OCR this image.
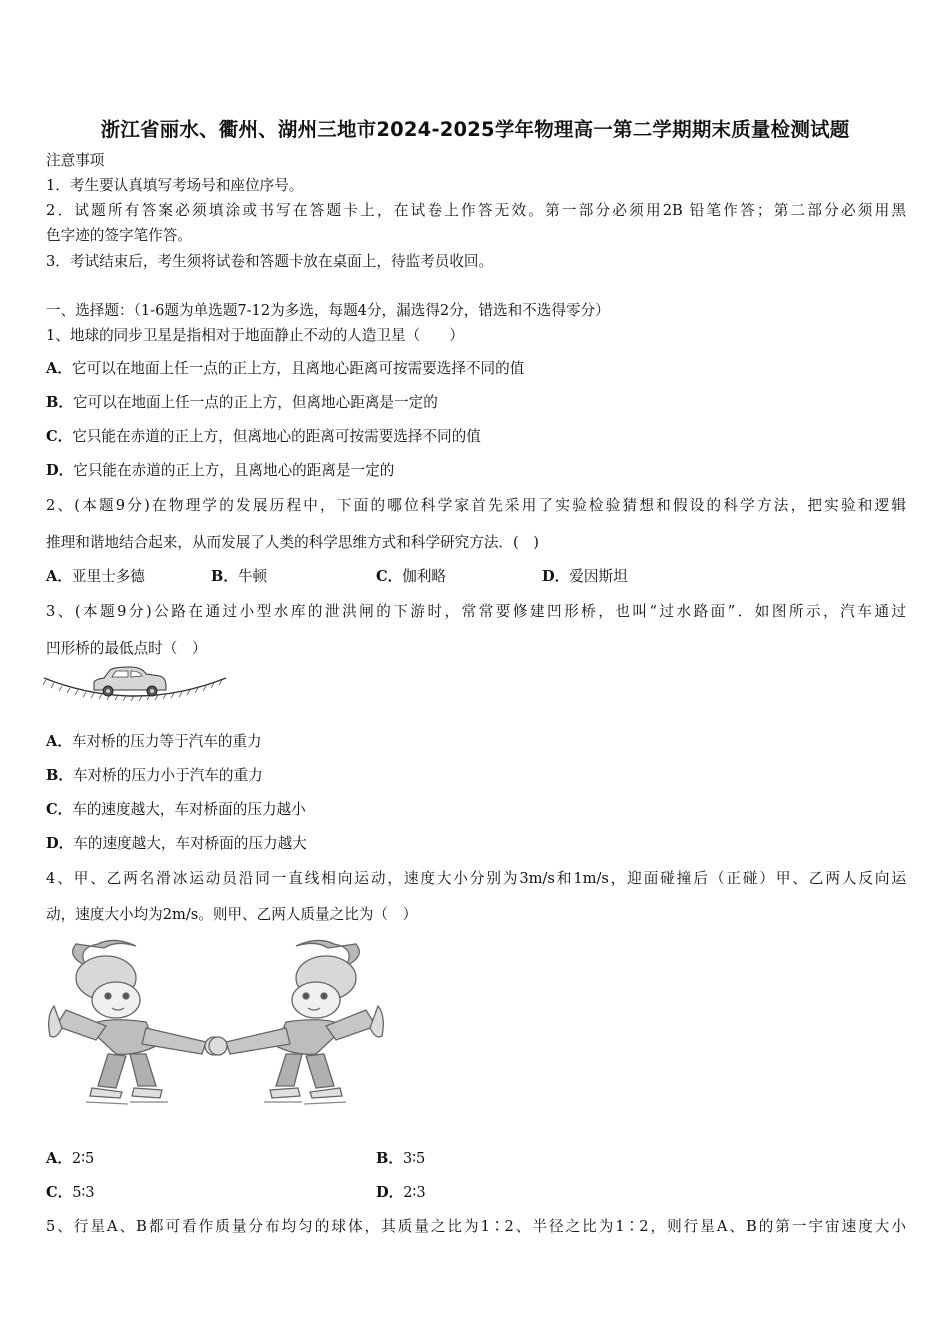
浙江省丽水、衢州、湖州三地市2024-2025学年物理高一第二学期期末质量检测试题
注意事项
1．考生要认真填写考场号和座位序号。
2．试题所有答案必须填涂或书写在答题卡上，在试卷上作答无效。第一部分必须用2B 铅笔作答；第二部分必须用黑
色字迹的签字笔作答。
3．考试结束后，考生须将试卷和答题卡放在桌面上，待监考员收回。
一、选择题：（1-6题为单选题7-12为多选，每题4分，漏选得2分，错选和不选得零分）
1、地球的同步卫星是指相对于地面静止不动的人造卫星（　　）
A．它可以在地面上任一点的正上方，且离地心距离可按需要选择不同的值
B．它可以在地面上任一点的正上方，但离地心距离是一定的
C．它只能在赤道的正上方，但离地心的距离可按需要选择不同的值
D．它只能在赤道的正上方，且离地心的距离是一定的
2、(本题9分)在物理学的发展历程中，下面的哪位科学家首先采用了实验检验猜想和假设的科学方法，把实验和逻辑
推理和谐地结合起来，从而发展了人类的科学思维方式和科学研究方法．(　)
A．亚里士多德	B．牛顿	C．伽利略	D．爱因斯坦
3、(本题9分)公路在通过小型水库的泄洪闸的下游时，常常要修建凹形桥，也叫“过水路面”．如图所示，汽车通过
凹形桥的最低点时（　）
A．车对桥的压力等于汽车的重力
B．车对桥的压力小于汽车的重力
C．车的速度越大，车对桥面的压力越小
D．车的速度越大，车对桥面的压力越大
4、甲、乙两名滑冰运动员沿同一直线相向运动，速度大小分别为3m/s和1m/s，迎面碰撞后（正碰）甲、乙两人反向运
动，速度大小均为2m/s。则甲、乙两人质量之比为（　）
A．2∶5	B．3∶5
C．5∶3	D．2∶3
5、行星A、B都可看作质量分布均匀的球体，其质量之比为1∶2、半径之比为1∶2，则行星A、B的第一宇宙速度大小
